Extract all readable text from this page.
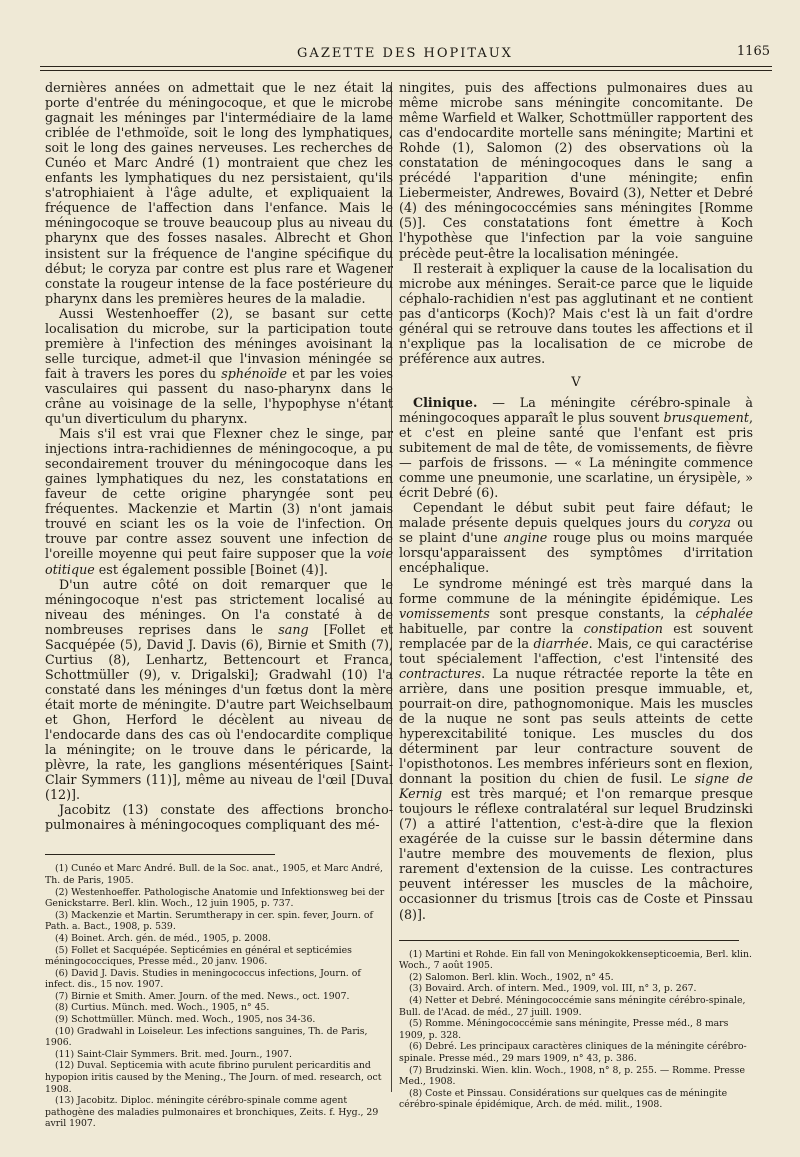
GAZETTE DES HOPITAUX	1165

dernières années on admettait que le nez était la porte d'entrée du méningocoque, et que le microbe gagnait les méninges par l'intermédiaire de la lame criblée de l'ethmoïde, soit le long des lymphatiques, soit le long des gaines nerveuses. Les recherches de Cunéo et Marc André (1) montraient que chez les enfants les lymphatiques du nez persistaient, qu'ils s'atrophiaient à l'âge adulte, et expliquaient la fréquence de l'affection dans l'enfance. Mais le méningocoque se trouve beaucoup plus au niveau du pharynx que des fosses nasales. Albrecht et Ghon insistent sur la fréquence de l'angine spécifique du début; le coryza par contre est plus rare et Wagener constate la rougeur intense de la face postérieure du pharynx dans les premières heures de la maladie.

Aussi Westenhoeffer (2), se basant sur cette localisation du microbe, sur la participation toute première à l'infection des méninges avoisinant la selle turcique, admet-il que l'invasion méningée se fait à travers les pores du sphénoïde et par les voies vasculaires qui passent du naso-pharynx dans le crâne au voisinage de la selle, l'hypophyse n'étant qu'un diverticulum du pharynx.

Mais s'il est vrai que Flexner chez le singe, par injections intra-rachidiennes de méningocoque, a pu secondairement trouver du méningocoque dans les gaines lymphatiques du nez, les constatations en faveur de cette origine pharyngée sont peu fréquentes. Mackenzie et Martin (3) n'ont jamais trouvé en sciant les os la voie de l'infection. On trouve par contre assez souvent une infection de l'oreille moyenne qui peut faire supposer que la voie otitique est également possible [Boinet (4)].

D'un autre côté on doit remarquer que le méningocoque n'est pas strictement localisé au niveau des méninges. On l'a constaté à de nombreuses reprises dans le sang [Follet et Sacquépée (5), David J. Davis (6), Birnie et Smith (7), Curtius (8), Lenhartz, Bettencourt et Franca, Schottmüller (9), v. Drigalski]; Gradwahl (10) l'a constaté dans les méninges d'un fœtus dont la mère était morte de méningite. D'autre part Weichselbaum et Ghon, Herford le décèlent au niveau de l'endocarde dans des cas où l'endocardite complique la méningite; on le trouve dans le péricarde, la plèvre, la rate, les ganglions mésentériques [Saint-Clair Symmers (11)], même au niveau de l'œil [Duval (12)].

Jacobitz (13) constate des affections broncho-pulmonaires à méningocoques compliquant des mé-

(1) Cunéo et Marc André. Bull. de la Soc. anat., 1905, et Marc André, Th. de Paris, 1905.
(2) Westenhoeffer. Pathologische Anatomie und Infektionsweg bei der Genickstarre. Berl. klin. Woch., 12 juin 1905, p. 737.
(3) Mackenzie et Martin. Serumtherapy in cer. spin. fever, Journ. of Path. a. Bact., 1908, p. 539.
(4) Boinet. Arch. gén. de méd., 1905, p. 2008.
(5) Follet et Sacquépée. Septicémies en général et septicémies méningococciques, Presse méd., 20 janv. 1906.
(6) David J. Davis. Studies in meningococcus infections, Journ. of infect. dis., 15 nov. 1907.
(7) Birnie et Smith. Amer. Journ. of the med. News., oct. 1907.
(8) Curtius. Münch. med. Woch., 1905, n° 45.
(9) Schottmüller. Münch. med. Woch., 1905, nos 34-36.
(10) Gradwahl in Loiseleur. Les infections sanguines, Th. de Paris, 1906.
(11) Saint-Clair Symmers. Brit. med. Journ., 1907.
(12) Duval. Septicemia with acute fibrino purulent pericarditis and hypopion iritis caused by the Mening., The Journ. of med. research, oct 1908.
(13) Jacobitz. Diploc. méningite cérébro-spinale comme agent pathogène des maladies pulmonaires et bronchiques, Zeits. f. Hyg., 29 avril 1907.

ningites, puis des affections pulmonaires dues au même microbe sans méningite concomitante. De même Warfield et Walker, Schottmüller rapportent des cas d'endocardite mortelle sans méningite; Martini et Rohde (1), Salomon (2) des observations où la constatation de méningocoques dans le sang a précédé l'apparition d'une méningite; enfin Liebermeister, Andrewes, Bovaird (3), Netter et Debré (4) des méningococcémies sans méningites [Romme (5)]. Ces constatations font émettre à Koch l'hypothèse que l'infection par la voie sanguine précède peut-être la localisation méningée.

Il resterait à expliquer la cause de la localisation du microbe aux méninges. Serait-ce parce que le liquide céphalo-rachidien n'est pas agglutinant et ne contient pas d'anticorps (Koch)? Mais c'est là un fait d'ordre général qui se retrouve dans toutes les affections et il n'explique pas la localisation de ce microbe de préférence aux autres.

V

Clinique. — La méningite cérébro-spinale à méningocoques apparaît le plus souvent brusquement, et c'est en pleine santé que l'enfant est pris subitement de mal de tête, de vomissements, de fièvre — parfois de frissons. — « La méningite commence comme une pneumonie, une scarlatine, un érysipèle, » écrit Debré (6).

Cependant le début subit peut faire défaut; le malade présente depuis quelques jours du coryza ou se plaint d'une angine rouge plus ou moins marquée lorsqu'apparaissent des symptômes d'irritation encéphalique.

Le syndrome méningé est très marqué dans la forme commune de la méningite épidémique. Les vomissements sont presque constants, la céphalée habituelle, par contre la constipation est souvent remplacée par de la diarrhée. Mais, ce qui caractérise tout spécialement l'affection, c'est l'intensité des contractures. La nuque rétractée reporte la tête en arrière, dans une position presque immuable, et, pourrait-on dire, pathognomonique. Mais les muscles de la nuque ne sont pas seuls atteints de cette hyperexcitabilité tonique. Les muscles du dos déterminent par leur contracture souvent de l'opisthotonos. Les membres inférieurs sont en flexion, donnant la position du chien de fusil. Le signe de Kernig est très marqué; et l'on remarque presque toujours le réflexe contralatéral sur lequel Brudzinski (7) a attiré l'attention, c'est-à-dire que la flexion exagérée de la cuisse sur le bassin détermine dans l'autre membre des mouvements de flexion, plus rarement d'extension de la cuisse. Les contractures peuvent intéresser les muscles de la mâchoire, occasionner du trismus [trois cas de Coste et Pinssau (8)].

(1) Martini et Rohde. Ein fall von Meningokokkensepticoemia, Berl. klin. Woch., 7 août 1905.
(2) Salomon. Berl. klin. Woch., 1902, n° 45.
(3) Bovaird. Arch. of intern. Med., 1909, vol. III, n° 3, p. 267.
(4) Netter et Debré. Méningococcémie sans méningite cérébro-spinale, Bull. de l'Acad. de méd., 27 juill. 1909.
(5) Romme. Méningococcémie sans méningite, Presse méd., 8 mars 1909, p. 328.
(6) Debré. Les principaux caractères cliniques de la méningite cérébro-spinale. Presse méd., 29 mars 1909, n° 43, p. 386.
(7) Brudzinski. Wien. klin. Woch., 1908, n° 8, p. 255. — Romme. Presse Med., 1908.
(8) Coste et Pinssau. Considérations sur quelques cas de méningite cérébro-spinale épidémique, Arch. de méd. milit., 1908.
